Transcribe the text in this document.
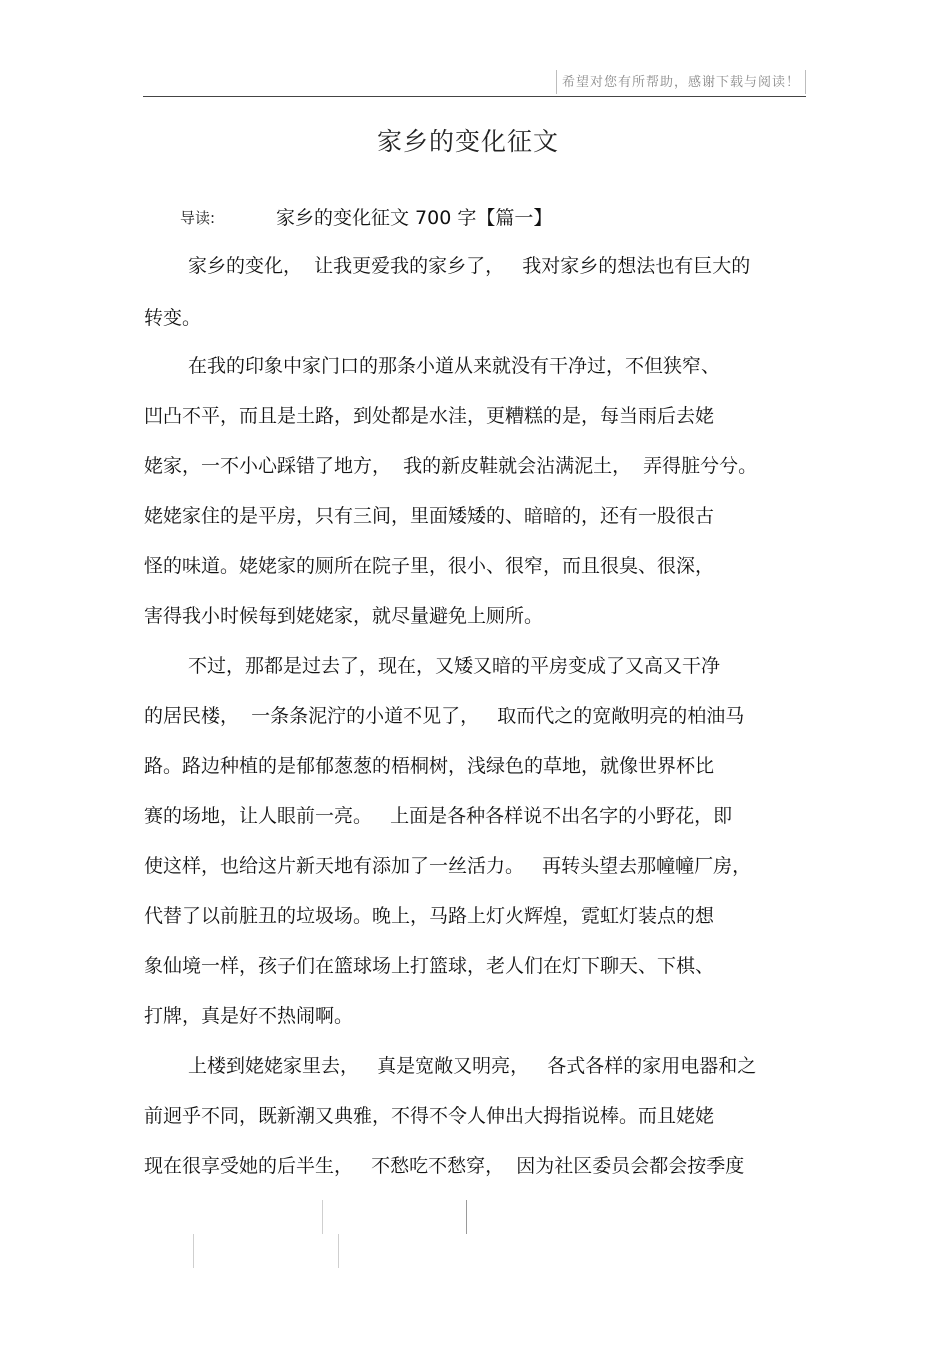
希望对您有所帮助，感谢下载与阅读！
家乡的变化征文
导读:	家乡的变化征文 700 字【篇一】
家乡的变化，  让我更爱我的家乡了，   我对家乡的想法也有巨大的
转变。
在我的印象中家门口的那条小道从来就没有干净过，不但狭窄、
凹凸不平，而且是土路，到处都是水洼，更糟糕的是，每当雨后去姥
姥家，一不小心踩错了地方，  我的新皮鞋就会沾满泥土，  弄得脏兮兮。
姥姥家住的是平房，只有三间，里面矮矮的、暗暗的，还有一股很古
怪的味道。姥姥家的厕所在院子里，很小、很窄，而且很臭、很深，
害得我小时候每到姥姥家，就尽量避免上厕所。
不过，那都是过去了，现在，又矮又暗的平房变成了又高又干净
的居民楼，  一条条泥泞的小道不见了，   取而代之的宽敞明亮的柏油马
路。路边种植的是郁郁葱葱的梧桐树，浅绿色的草地，就像世界杯比
赛的场地，让人眼前一亮。   上面是各种各样说不出名字的小野花，即
使这样，也给这片新天地有添加了一丝活力。   再转头望去那幢幢厂房，
代替了以前脏丑的垃圾场。晚上，马路上灯火辉煌，霓虹灯装点的想
象仙境一样，孩子们在篮球场上打篮球，老人们在灯下聊天、下棋、
打牌，真是好不热闹啊。
上楼到姥姥家里去，   真是宽敞又明亮，   各式各样的家用电器和之
前迥乎不同，既新潮又典雅，不得不令人伸出大拇指说棒。而且姥姥
现在很享受她的后半生，   不愁吃不愁穿，  因为社区委员会都会按季度
